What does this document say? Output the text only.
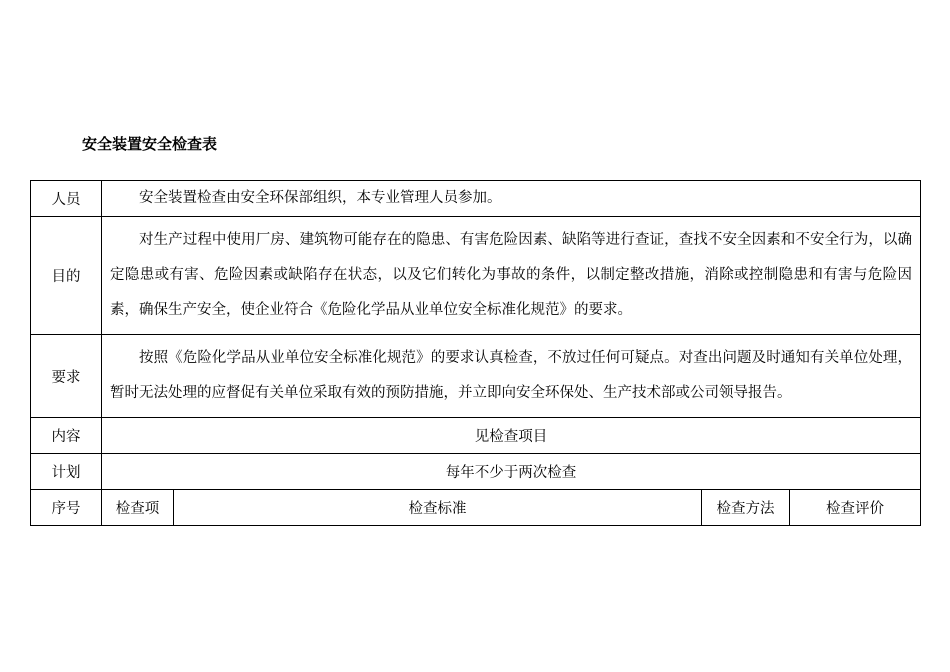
安全装置安全检查表
人员	安全装置检查由安全环保部组织，本专业管理人员参加。			
目的	对生产过程中使用厂房、建筑物可能存在的隐患、有害危险因素、缺陷等进行查证，查找不安全因素和不安全行为，以确定隐患或有害、危险因素或缺陷存在状态，以及它们转化为事故的条件，以制定整改措施，消除或控制隐患和有害与危险因素，确保生产安全，使企业符合《危险化学品从业单位安全标准化规范》的要求。			
要求	按照《危险化学品从业单位安全标准化规范》的要求认真检查，不放过任何可疑点。对查出问题及时通知有关单位处理，暂时无法处理的应督促有关单位采取有效的预防措施，并立即向安全环保处、生产技术部或公司领导报告。			
内容	见检查项目			
计划	每年不少于两次检查			
序号	检查项	检查标准	检查方法	检查评价
